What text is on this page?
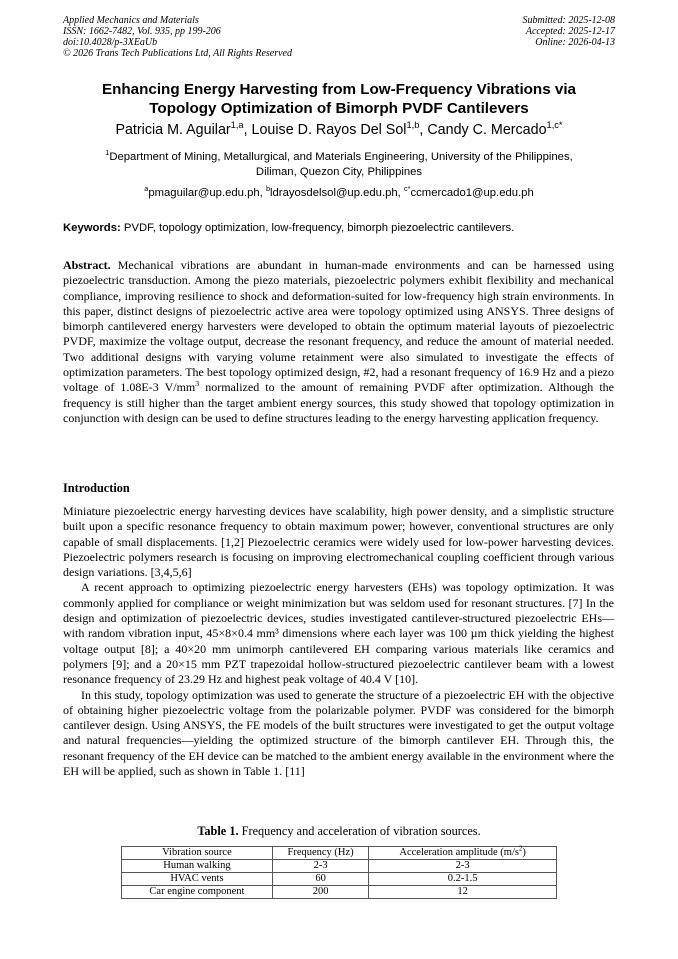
Applied Mechanics and Materials
ISSN: 1662-7482, Vol. 935, pp 199-206
doi:10.4028/p-3XEaUb
© 2026 Trans Tech Publications Ltd, All Rights Reserved
Submitted: 2025-12-08
Accepted: 2025-12-17
Online: 2026-04-13
Enhancing Energy Harvesting from Low-Frequency Vibrations via
Topology Optimization of Bimorph PVDF Cantilevers
Patricia M. Aguilar$^{1,a}$, Louise D. Rayos Del Sol$^{1,b}$, Candy C. Mercado$^{1,c*}$
$^1$Department of Mining, Metallurgical, and Materials Engineering, University of the Philippines,
Diliman, Quezon City, Philippines
$^a$pmaguilar@up.edu.ph, $^b$ldrayosdelsol@up.edu.ph, $^{c*}$ccmercado1@up.edu.ph
Keywords: PVDF, topology optimization, low-frequency, bimorph piezoelectric cantilevers.
Abstract. Mechanical vibrations are abundant in human-made environments and can be harnessed using piezoelectric transduction. Among the piezo materials, piezoelectric polymers exhibit flexibility and mechanical compliance, improving resilience to shock and deformation-suited for low-frequency high strain environments. In this paper, distinct designs of piezoelectric active area were topology optimized using ANSYS. Three designs of bimorph cantilevered energy harvesters were developed to obtain the optimum material layouts of piezoelectric PVDF, maximize the voltage output, decrease the resonant frequency, and reduce the amount of material needed. Two additional designs with varying volume retainment were also simulated to investigate the effects of optimization parameters. The best topology optimized design, #2, had a resonant frequency of 16.9 Hz and a piezo voltage of 1.08E-3 $V/mm^3$ normalized to the amount of remaining PVDF after optimization. Although the frequency is still higher than the target ambient energy sources, this study showed that topology optimization in conjunction with design can be used to define structures leading to the energy harvesting application frequency.
Introduction

Miniature piezoelectric energy harvesting devices have scalability, high power density, and a simplistic structure built upon a specific resonance frequency to obtain maximum power; however, conventional structures are only capable of small displacements. [1,2] Piezoelectric ceramics were widely used for low-power harvesting devices. Piezoelectric polymers research is focusing on improving electromechanical coupling coefficient through various design variations. [3,4,5,6]

A recent approach to optimizing piezoelectric energy harvesters (EHs) was topology optimization. It was commonly applied for compliance or weight minimization but was seldom used for resonant structures. [7] In the design and optimization of piezoelectric devices, studies investigated cantilever-structured piezoelectric EHs—with random vibration input, 45×8×0.4 mm³ dimensions where each layer was 100 µm thick yielding the highest voltage output [8]; a 40×20 mm unimorph cantilevered EH comparing various materials like ceramics and polymers [9]; and a 20×15 mm PZT trapezoidal hollow-structured piezoelectric cantilever beam with a lowest resonance frequency of 23.29 Hz and highest peak voltage of 40.4 V [10].

In this study, topology optimization was used to generate the structure of a piezoelectric EH with the objective of obtaining higher piezoelectric voltage from the polarizable polymer. PVDF was considered for the bimorph cantilever design. Using ANSYS, the FE models of the built structures were investigated to get the output voltage and natural frequencies—yielding the optimized structure of the bimorph cantilever EH. Through this, the resonant frequency of the EH device can be matched to the ambient energy available in the environment where the EH will be applied, such as shown in Table 1. [11]

Table 1. Frequency and acceleration of vibration sources.
Vibration source	Frequency (Hz)	Acceleration amplitude $(m/s^2)$
Human walking	2-3	2-3
HVAC vents	60	0.2-1.5
Car engine component	200	12
